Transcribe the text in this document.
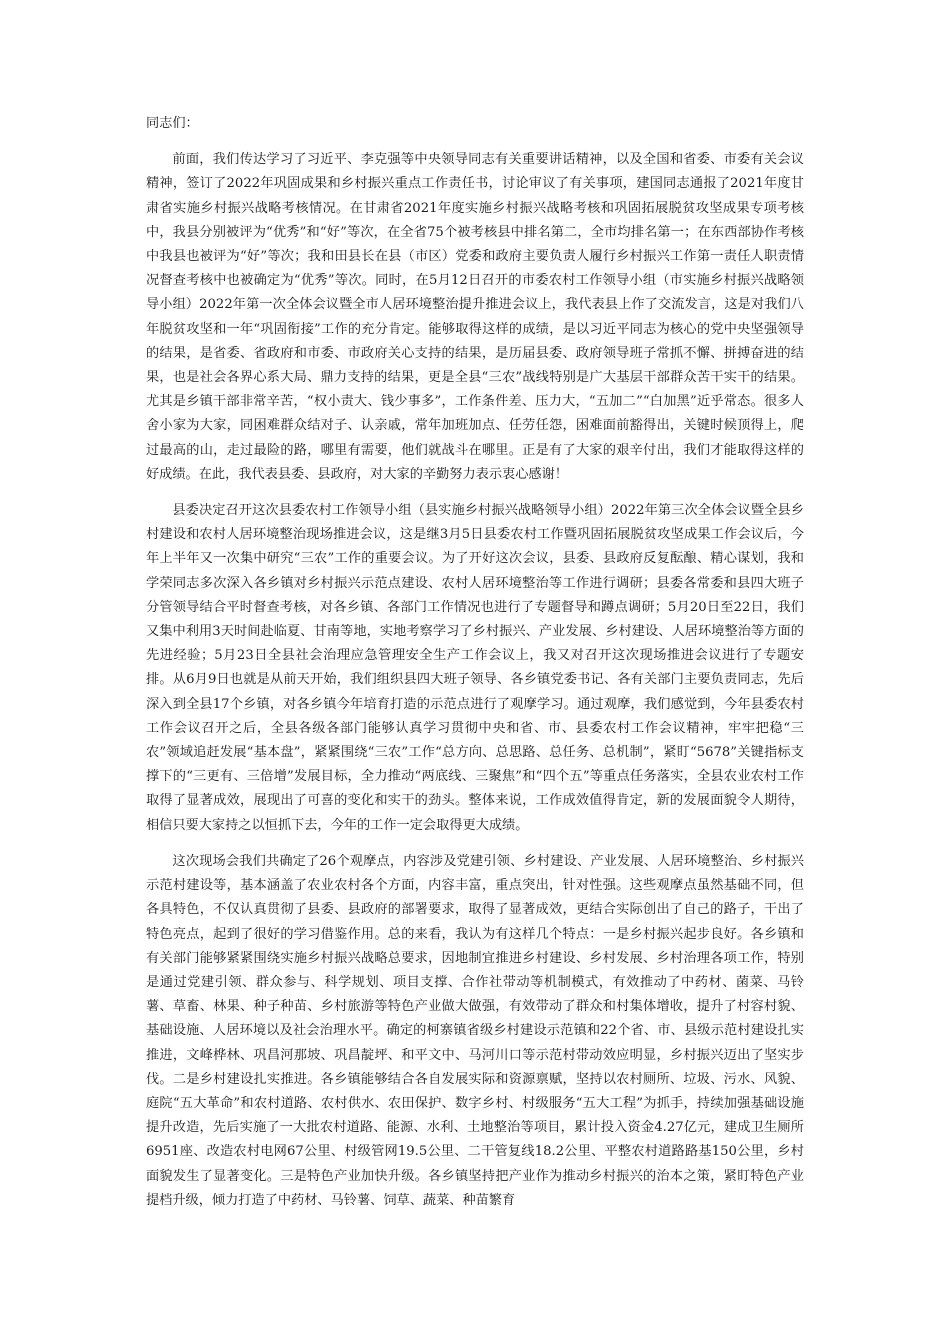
同志们：

前面，我们传达学习了习近平、李克强等中央领导同志有关重要讲话精神，以及全国和省委、市委有关会议精神，签订了2022年巩固成果和乡村振兴重点工作责任书，讨论审议了有关事项，建国同志通报了2021年度甘肃省实施乡村振兴战略考核情况。在甘肃省2021年度实施乡村振兴战略考核和巩固拓展脱贫攻坚成果专项考核中，我县分别被评为“优秀”和“好”等次，在全省75个被考核县中排名第二，全市均排名第一；在东西部协作考核中我县也被评为“好”等次；我和田县长在县（市区）党委和政府主要负责人履行乡村振兴工作第一责任人职责情况督查考核中也被确定为“优秀”等次。同时，在5月12日召开的市委农村工作领导小组（市实施乡村振兴战略领导小组）2022年第一次全体会议暨全市人居环境整治提升推进会议上，我代表县上作了交流发言，这是对我们八年脱贫攻坚和一年“巩固衔接”工作的充分肯定。能够取得这样的成绩，是以习近平同志为核心的党中央坚强领导的结果，是省委、省政府和市委、市政府关心支持的结果，是历届县委、政府领导班子常抓不懈、拼搏奋进的结果，也是社会各界心系大局、鼎力支持的结果，更是全县“三农”战线特别是广大基层干部群众苦干实干的结果。尤其是乡镇干部非常辛苦，“权小责大、钱少事多”，工作条件差、压力大，“五加二”“白加黑”近乎常态。很多人舍小家为大家，同困难群众结对子、认亲戚，常年加班加点、任劳任怨，困难面前豁得出，关键时候顶得上，爬过最高的山，走过最险的路，哪里有需要，他们就战斗在哪里。正是有了大家的艰辛付出，我们才能取得这样的好成绩。在此，我代表县委、县政府，对大家的辛勤努力表示衷心感谢！

县委决定召开这次县委农村工作领导小组（县实施乡村振兴战略领导小组）2022年第三次全体会议暨全县乡村建设和农村人居环境整治现场推进会议，这是继3月5日县委农村工作暨巩固拓展脱贫攻坚成果工作会议后，今年上半年又一次集中研究“三农”工作的重要会议。为了开好这次会议，县委、县政府反复酝酿、精心谋划，我和学荣同志多次深入各乡镇对乡村振兴示范点建设、农村人居环境整治等工作进行调研；县委各常委和县四大班子分管领导结合平时督查考核，对各乡镇、各部门工作情况也进行了专题督导和蹲点调研；5月20日至22日，我们又集中利用3天时间赴临夏、甘南等地，实地考察学习了乡村振兴、产业发展、乡村建设、人居环境整治等方面的先进经验；5月23日全县社会治理应急管理安全生产工作会议上，我又对召开这次现场推进会议进行了专题安排。从6月9日也就是从前天开始，我们组织县四大班子领导、各乡镇党委书记、各有关部门主要负责同志，先后深入到全县17个乡镇，对各乡镇今年培育打造的示范点进行了观摩学习。通过观摩，我们感觉到，今年县委农村工作会议召开之后，全县各级各部门能够认真学习贯彻中央和省、市、县委农村工作会议精神，牢牢把稳“三农”领域追赶发展“基本盘”，紧紧围绕“三农”工作“总方向、总思路、总任务、总机制”，紧盯“5678”关键指标支撑下的“三更有、三倍增”发展目标，全力推动“两底线、三聚焦”和“四个五”等重点任务落实，全县农业农村工作取得了显著成效，展现出了可喜的变化和实干的劲头。整体来说，工作成效值得肯定，新的发展面貌令人期待，相信只要大家持之以恒抓下去，今年的工作一定会取得更大成绩。

这次现场会我们共确定了26个观摩点，内容涉及党建引领、乡村建设、产业发展、人居环境整治、乡村振兴示范村建设等，基本涵盖了农业农村各个方面，内容丰富，重点突出，针对性强。这些观摩点虽然基础不同，但各具特色，不仅认真贯彻了县委、县政府的部署要求，取得了显著成效，更结合实际创出了自己的路子，干出了特色亮点，起到了很好的学习借鉴作用。总的来看，我认为有这样几个特点：一是乡村振兴起步良好。各乡镇和有关部门能够紧紧围绕实施乡村振兴战略总要求，因地制宜推进乡村建设、乡村发展、乡村治理各项工作，特别是通过党建引领、群众参与、科学规划、项目支撑、合作社带动等机制模式，有效推动了中药材、菌菜、马铃薯、草畜、林果、种子种苗、乡村旅游等特色产业做大做强，有效带动了群众和村集体增收，提升了村容村貌、基础设施、人居环境以及社会治理水平。确定的柯寨镇省级乡村建设示范镇和22个省、市、县级示范村建设扎实推进，文峰桦林、巩昌河那坡、巩昌靛坪、和平文中、马河川口等示范村带动效应明显，乡村振兴迈出了坚实步伐。二是乡村建设扎实推进。各乡镇能够结合各自发展实际和资源禀赋，坚持以农村厕所、垃圾、污水、风貌、庭院“五大革命”和农村道路、农村供水、农田保护、数字乡村、村级服务“五大工程”为抓手，持续加强基础设施提升改造，先后实施了一大批农村道路、能源、水利、土地整治等项目，累计投入资金4.27亿元，建成卫生厕所6951座、改造农村电网67公里、村级管网19.5公里、二干管复线18.2公里、平整农村道路路基150公里，乡村面貌发生了显著变化。三是特色产业加快升级。各乡镇坚持把产业作为推动乡村振兴的治本之策，紧盯特色产业提档升级，倾力打造了中药材、马铃薯、饲草、蔬菜、种苗繁育
